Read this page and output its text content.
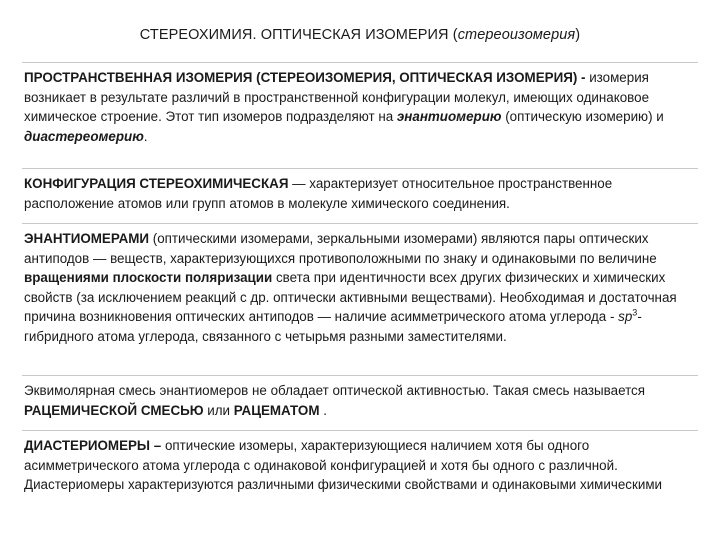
СТЕРЕОХИМИЯ. ОПТИЧЕСКАЯ ИЗОМЕРИЯ (стереоизомерия)

ПРОСТРАНСТВЕННАЯ ИЗОМЕРИЯ (СТЕРЕОИЗОМЕРИЯ, ОПТИЧЕСКАЯ ИЗОМЕРИЯ) - изомерия возникает в результате различий в пространственной конфигурации молекул, имеющих одинаковое химическое строение. Этот тип изомеров подразделяют на энантиомерию (оптическую изомерию) и диастереомерию.

КОНФИГУРАЦИЯ СТЕРЕОХИМИЧЕСКАЯ — характеризует относительное пространственное расположение атомов или групп атомов в молекуле химического соединения.

ЭНАНТИОМЕРАМИ (оптическими изомерами, зеркальными изомерами) являются пары оптических антиподов — веществ, характеризующихся противоположными по знаку и одинаковыми по величине вращениями плоскости поляризации света при идентичности всех других физических и химических свойств (за исключением реакций с др. оптически активными веществами). Необходимая и достаточная причина возникновения оптических антиподов — наличие асимметрического атома углерода - $sp^3$-гибридного атома углерода, связанного с четырьмя разными заместителями.

Эквимолярная смесь энантиомеров не обладает оптической активностью. Такая смесь называется РАЦЕМИЧЕСКОЙ СМЕСЬЮ или РАЦЕМАТОМ .

ДИАСТЕРИОМЕРЫ – оптические изомеры, характеризующиеся наличием хотя бы одного асимметрического атома углерода с одинаковой конфигурацией и хотя бы одного с различной. Диастериомеры характеризуются различными физическими свойствами и одинаковыми химическими
